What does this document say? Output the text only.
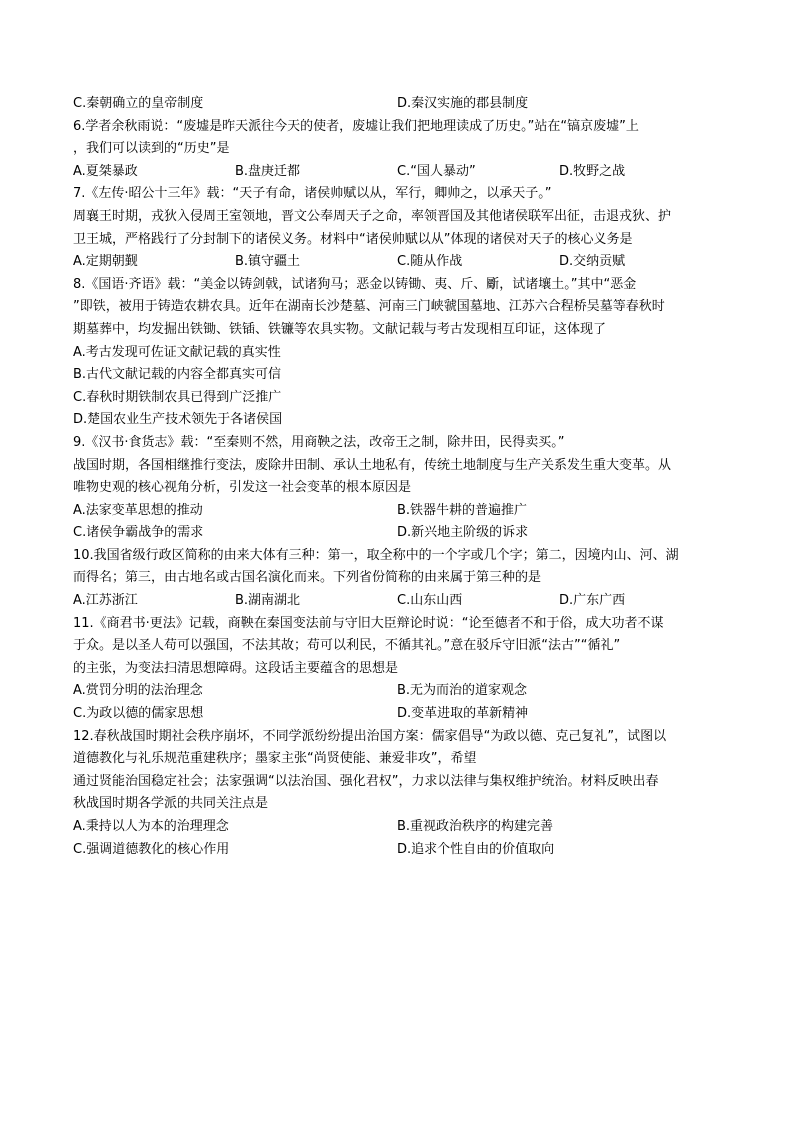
C.秦朝确立的皇帝制度	D.秦汉实施的郡县制度
6.学者余秋雨说：“废墟是昨天派往今天的使者，废墟让我们把地理读成了历史。”站在“镐京废墟”上
，我们可以读到的“历史”是
A.夏桀暴政	B.盘庚迁都	C.“国人暴动”	D.牧野之战
7.《左传·昭公十三年》载：“天子有命，诸侯帅赋以从，军行，卿帅之，以承天子。”
周襄王时期，戎狄入侵周王室领地，晋文公奉周天子之命，率领晋国及其他诸侯联军出征，击退戎狄、护
卫王城，严格践行了分封制下的诸侯义务。材料中“诸侯帅赋以从”体现的诸侯对天子的核心义务是
A.定期朝觐	B.镇守疆土	C.随从作战	D.交纳贡赋
8.《国语·齐语》载：“美金以铸剑戟，试诸狗马；恶金以铸锄、夷、斤、斸，试诸壤土。”其中“恶金
”即铁，被用于铸造农耕农具。近年在湖南长沙楚墓、河南三门峡虢国墓地、江苏六合程桥吴墓等春秋时
期墓葬中，均发掘出铁锄、铁锸、铁镰等农具实物。文献记载与考古发现相互印证，这体现了
A.考古发现可佐证文献记载的真实性
B.古代文献记载的内容全都真实可信
C.春秋时期铁制农具已得到广泛推广
D.楚国农业生产技术领先于各诸侯国
9.《汉书·食货志》载：“至秦则不然，用商鞅之法，改帝王之制，除井田，民得卖买。”
战国时期，各国相继推行变法，废除井田制、承认土地私有，传统土地制度与生产关系发生重大变革。从
唯物史观的核心视角分析，引发这一社会变革的根本原因是
A.法家变革思想的推动	B.铁器牛耕的普遍推广
C.诸侯争霸战争的需求	D.新兴地主阶级的诉求
10.我国省级行政区简称的由来大体有三种：第一，取全称中的一个字或几个字；第二，因境内山、河、湖
而得名；第三，由古地名或古国名演化而来。下列省份简称的由来属于第三种的是
A.江苏浙江	B.湖南湖北	C.山东山西	D.广东广西
11.《商君书·更法》记载，商鞅在秦国变法前与守旧大臣辩论时说：“论至德者不和于俗，成大功者不谋
于众。是以圣人苟可以强国，不法其故；苟可以利民，不循其礼。”意在驳斥守旧派“法古”“循礼”
的主张，为变法扫清思想障碍。这段话主要蕴含的思想是
A.赏罚分明的法治理念	B.无为而治的道家观念
C.为政以德的儒家思想	D.变革进取的革新精神
12.春秋战国时期社会秩序崩坏，不同学派纷纷提出治国方案：儒家倡导“为政以德、克己复礼”，试图以
道德教化与礼乐规范重建秩序；墨家主张“尚贤使能、兼爱非攻”，希望
通过贤能治国稳定社会；法家强调“以法治国、强化君权”，力求以法律与集权维护统治。材料反映出春
秋战国时期各学派的共同关注点是
A.秉持以人为本的治理理念	B.重视政治秩序的构建完善
C.强调道德教化的核心作用	D.追求个性自由的价值取向
